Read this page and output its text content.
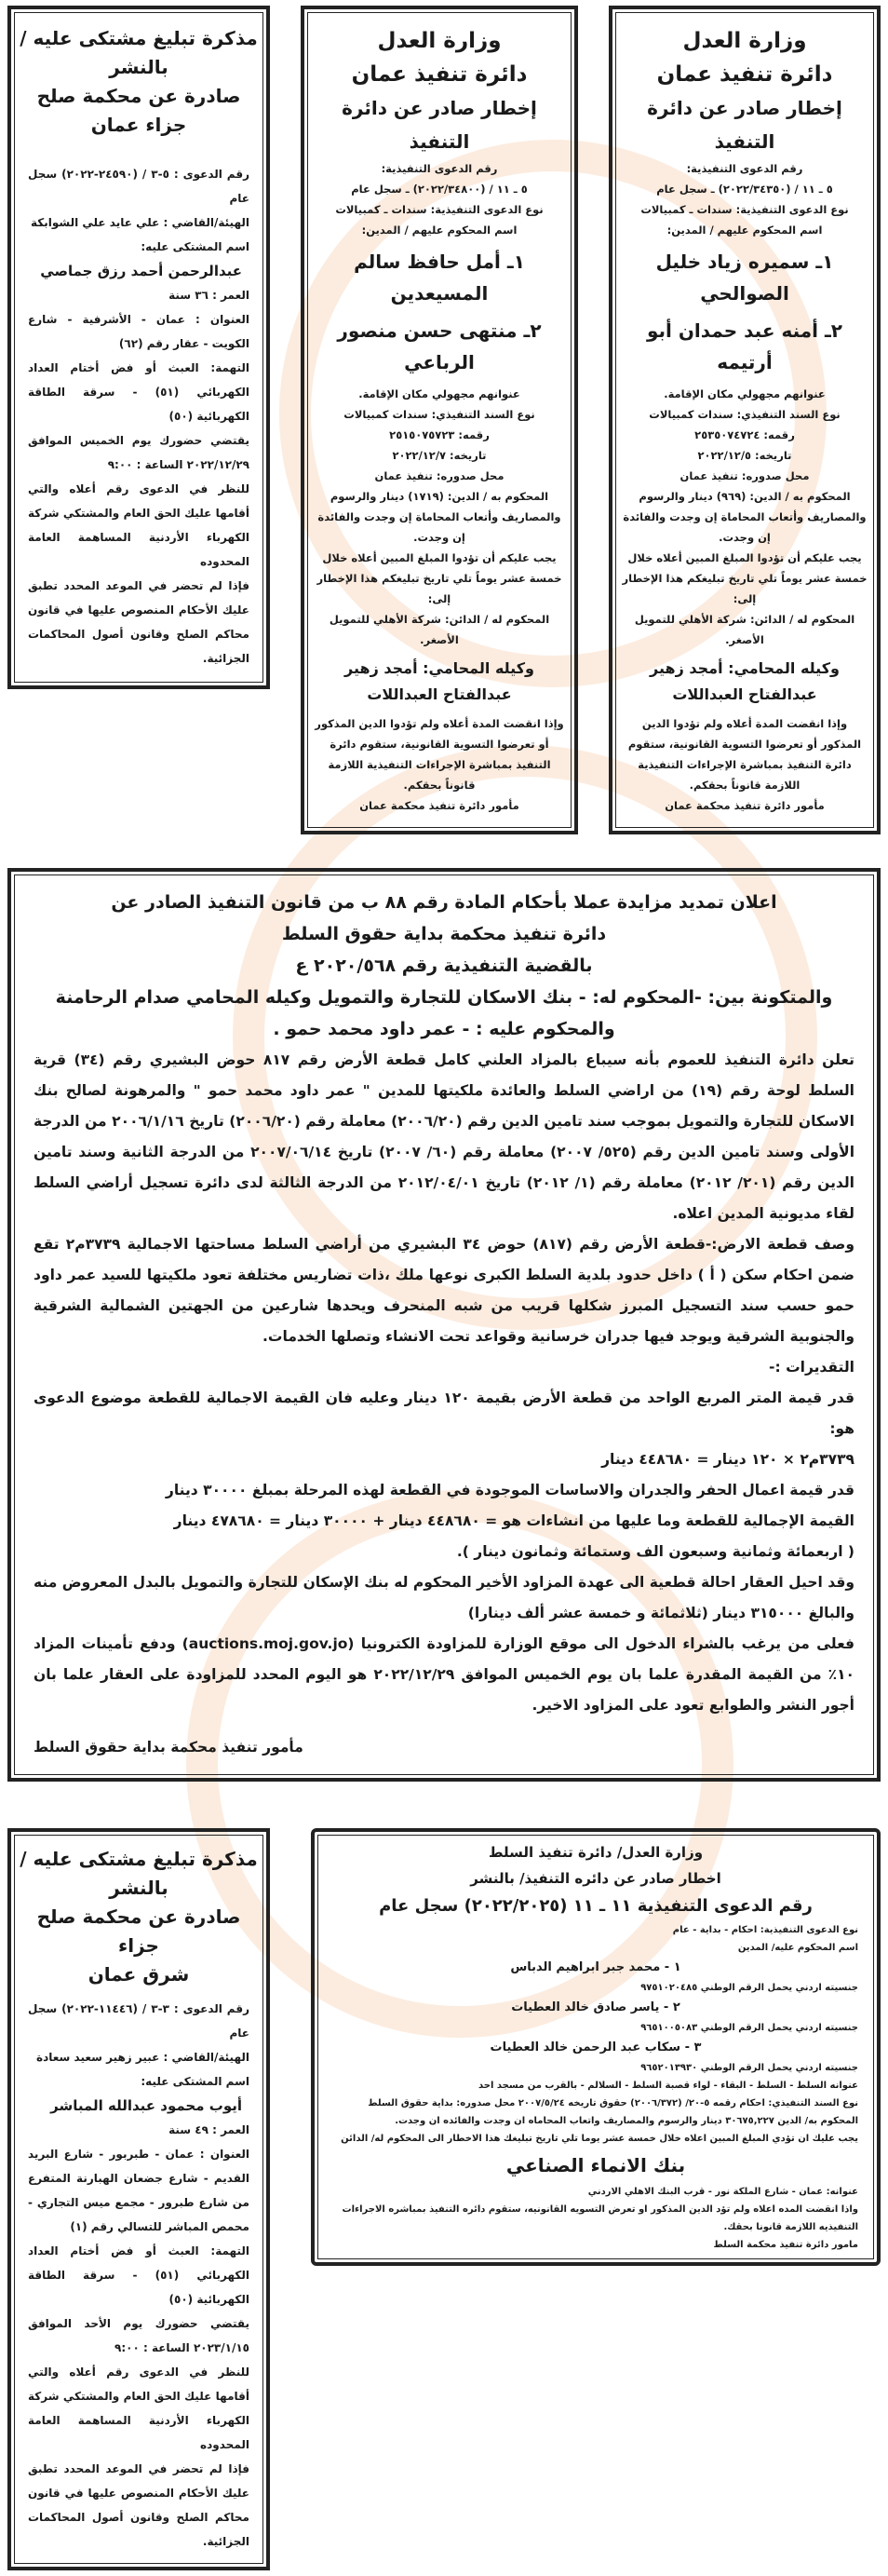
وزارة العدل
دائرة تنفيذ عمان
إخطار صادر عن دائرة التنفيذ
رقم الدعوى التنفيذية:
٥ ـ ١١ / (٢٠٢٢/٣٤٣٥٠) ـ سجل عام
نوع الدعوى التنفيذية: سندات ـ كمبيالات
اسم المحكوم عليهم / المدين:
١ـ سميره زياد خليل الصوالحي
٢ـ أمنه عبد حمدان أبو أرتيمه
عنوانهم مجهولي مكان الإقامة.
نوع السند التنفيذي: سندات كمبيالات
رقمه: ٢٥٣٥٠٧٤٧٢٤
تاريخه: ٢٠٢٢/١٢/٥
محل صدوره: تنفيذ عمان
المحكوم به / الدين: (٩٦٩) دينار والرسوم والمصاريف وأتعاب المحاماة إن وجدت والفائدة إن وجدت.
يجب عليكم أن تؤدوا المبلغ المبين أعلاه خلال خمسة عشر يوماً تلي تاريخ تبليغكم هذا الإخطار إلى:
المحكوم له / الدائن: شركة الأهلي للتمويل الأصغر.
وكيله المحامي: أمجد زهير عبدالفتاح العبداللات
وإذا انقضت المدة أعلاه ولم تؤدوا الدين المذكور أو تعرضوا التسوية القانونية، ستقوم دائرة التنفيذ بمباشرة الإجراءات التنفيذية اللازمة قانوناً بحقكم.
مأمور دائرة تنفيذ محكمة عمان
وزارة العدل
دائرة تنفيذ عمان
إخطار صادر عن دائرة التنفيذ
رقم الدعوى التنفيذية:
٥ ـ ١١ / (٢٠٢٢/٣٤٨٠٠) ـ سجل عام
نوع الدعوى التنفيذية: سندات ـ كمبيالات
اسم المحكوم عليهم / المدين:
١ـ أمل حافظ سالم المسيعدين
٢ـ منتهى حسن منصور الرباعي
عنوانهم مجهولي مكان الإقامة.
نوع السند التنفيذي: سندات كمبيالات
رقمه: ٢٥١٥٠٧٥٧٢٣
تاريخه: ٢٠٢٢/١٢/٧
محل صدوره: تنفيذ عمان
المحكوم به / الدين: (١٧١٩) دينار والرسوم والمصاريف وأتعاب المحاماة إن وجدت والفائدة إن وجدت.
يجب عليكم أن تؤدوا المبلغ المبين أعلاه خلال خمسة عشر يوماً تلي تاريخ تبليغكم هذا الإخطار إلى:
المحكوم له / الدائن: شركة الأهلي للتمويل الأصغر.
وكيله المحامي: أمجد زهير عبدالفتاح العبداللات
وإذا انقضت المدة أعلاه ولم تؤدوا الدين المذكور أو تعرضوا التسوية القانونية، ستقوم دائرة التنفيذ بمباشرة الإجراءات التنفيذية اللازمة قانوناً بحقكم.
مأمور دائرة تنفيذ محكمة عمان
مذكرة تبليغ مشتكى عليه /
بالنشر
صادرة عن محكمة صلح
جزاء عمان
رقم الدعوى : ٥-٣ / (٢٤٥٩٠-٢٠٢٢) سجل عام
الهيئة/القاضي : علي عايد علي الشوابكة
اسم المشتكى عليه:
عبدالرحمن أحمد رزق جماصي
العمر : ٣٦ سنة
العنوان : عمان - الأشرفية - شارع الكويت - عقار رقم (٦٢)
التهمة: العبث أو فض أختام العداد الكهربائي (٥١) - سرقة الطاقة الكهربائية (٥٠)
يقتضي حضورك يوم الخميس الموافق ٢٠٢٢/١٢/٢٩ الساعة : ٩:٠٠
للنظر في الدعوى رقم أعلاه والتي أقامها عليك الحق العام والمشتكي شركة الكهرباء الأردنية المساهمة العامة المحدوده
فإذا لم تحضر في الموعد المحدد تطبق عليك الأحكام المنصوص عليها في قانون محاكم الصلح وقانون أصول المحاكمات الجزائية.
اعلان تمديد مزايدة عملا بأحكام المادة رقم ٨٨ ب من قانون التنفيذ الصادر عن
دائرة تنفيذ محكمة بداية حقوق السلط
بالقضية التنفيذية رقم ٢٠٢٠/٥٦٨ ع
والمتكونة بين: -المحكوم له: - بنك الاسكان للتجارة والتمويل وكيله المحامي صدام الرحامنة
والمحكوم عليه : - عمر داود محمد حمو .

تعلن دائرة التنفيذ للعموم بأنه سيباع بالمزاد العلني كامل قطعة الأرض رقم ٨١٧ حوض البشيري رقم (٣٤) قرية السلط لوحة رقم (١٩) من اراضي السلط والعائدة ملكيتها للمدين " عمر داود محمد حمو " والمرهونة لصالح بنك الاسكان للتجارة والتمويل بموجب سند تامين الدين رقم (٢٠٠٦/٢٠) معاملة رقم (٢٠٠٦/٢٠) تاريخ ٢٠٠٦/١/١٦ من الدرجة الأولى وسند تامين الدين رقم (٥٢٥/ ٢٠٠٧) معاملة رقم (٦٠/ ٢٠٠٧) تاريخ ٢٠٠٧/٠٦/١٤ من الدرجة الثانية وسند تامين الدين رقم (٢٠١/ ٢٠١٢) معاملة رقم (١/ ٢٠١٢) تاريخ ٢٠١٢/٠٤/٠١ من الدرجة الثالثة لدى دائرة تسجيل أراضي السلط لقاء مديونية المدين اعلاه.

وصف قطعة الارض:-قطعة الأرض رقم (٨١٧) حوض ٣٤ البشيري من أراضي السلط مساحتها الاجمالية ٣٧٣٩م٢ تقع ضمن احكام سكن ( أ ) داخل حدود بلدية السلط الكبرى نوعها ملك ،ذات تضاريس مختلفة تعود ملكيتها للسيد عمر داود حمو حسب سند التسجيل المبرز شكلها قريب من شبه المنحرف ويحدها شارعين من الجهتين الشمالية الشرقية والجنوبية الشرقية ويوجد فيها جدران خرسانية وقواعد تحت الانشاء وتصلها الخدمات.

التقديرات :-

قدر قيمة المتر المربع الواحد من قطعة الأرض بقيمة ١٢٠ دينار وعليه فان القيمة الاجمالية للقطعة موضوع الدعوى هو:

٣٧٣٩م٢ × ١٢٠ دينار = ٤٤٨٦٨٠ دينار

قدر قيمة اعمال الحفر والجدران والاساسات الموجودة في القطعة لهذه المرحلة بمبلغ ٣٠٠٠٠ دينار

القيمة الإجمالية للقطعة وما عليها من انشاءات هو = ٤٤٨٦٨٠ دينار + ٣٠٠٠٠ دينار = ٤٧٨٦٨٠ دينار

( اربعمائة وثمانية وسبعون الف وستمائة وثمانون دينار ).

وقد احيل العقار احالة قطعية الى عهدة المزاود الأخير المحكوم له بنك الإسكان للتجارة والتمويل بالبدل المعروض منه والبالغ ٣١٥٠٠٠ دينار (ثلاثمائة و خمسة عشر ألف دينارا)

فعلى من يرغب بالشراء الدخول الى موقع الوزارة للمزاودة الكترونيا (auctions.moj.gov.jo) ودفع تأمينات المزاد ١٠٪ من القيمة المقدرة علما بان يوم الخميس الموافق ٢٠٢٢/١٢/٢٩ هو اليوم المحدد للمزاودة على العقار علما بان أجور النشر والطوابع تعود على المزاود الاخير.

مأمور تنفيذ محكمة بداية حقوق السلط

وزارة العدل/ دائرة تنفيذ السلط
اخطار صادر عن دائره التنفيذ/ بالنشر
رقم الدعوى التنفيذية ١١ ـ ١١ (٢٠٢٢/٢٠٢٥) سجل عام
نوع الدعوى التنفيذية: احكام - بداية - عام
اسم المحكوم عليه/ المدين
١ - محمد جبر ابراهيم الدباس
جنسيته اردني يحمل الرقم الوطني ٩٧٥١٠٢٠٤٨٥
٢ - ياسر صادق خالد العطيات
جنسيته اردني يحمل الرقم الوطني ٩٦٥١٠٠٥٠٨٣
٣ - سكاب عبد الرحمن خالد العطيات
جنسيته اردني يحمل الرقم الوطني ٩٦٥٢٠١٣٩٣٠
عنوانه السلط - السلط - البقاء - لواء قصبة السلط - السلالم - بالقرب من مسجد احد
نوع السند التنفيذي: احكام رقمه ٥-٢٠/ (٢٠٠٦/٣٧٢) حقوق تاريخه ٢٠٠٧/٥/٢٤ محل صدوره: بداية حقوق السلط
المحكوم به/ الدين ٣٠٦٧٥,٢٢٧ دينار والرسوم والمصاريف واتعاب المحاماه ان وجدت والفائده ان وجدت.
يجب عليك ان تؤدي المبلغ المبين اعلاه خلال خمسة عشر يوما تلي تاريخ تبليغك هذا الاخطار الى المحكوم له/ الدائن
بنك الانماء الصناعي
عنوانه: عمان - شارع الملكة نور - قرب البنك الاهلي الاردني
واذا انقضت المده اعلاه ولم تؤد الدين المذكور او تعرض التسويه القانونيه، ستقوم دائره التنفيذ بمباشره الاجراءات التنفيذيه اللازمة قانونا بحقك.
مامور دائرة تنفيذ محكمة السلط
مذكرة تبليغ مشتكى عليه /
بالنشر
صادرة عن محكمة صلح جزاء
شرق عمان
رقم الدعوى : ٣-٣ / (١١٤٤٦-٢٠٢٢) سجل عام
الهيئة/القاضي : عبير زهير سعيد سعادة
اسم المشتكى عليه:
أيوب محمود عبدالله المباشر
العمر : ٤٩ سنة
العنوان : عمان - طبربور - شارع البريد القديم - شارع جضعان الهبارنة المتفرع من شارع طبرور - مجمع ميس التجاري - محمص المباشر للتسالي رقم (١)
التهمة: العبث أو فض أختام العداد الكهربائي (٥١) - سرقة الطاقة الكهربائية (٥٠)
يقتضي حضورك يوم الأحد الموافق ٢٠٢٣/١/١٥ الساعة : ٩:٠٠
للنظر في الدعوى رقم أعلاه والتي أقامها عليك الحق العام والمشتكي شركة الكهرباء الأردنية المساهمة العامة المحدوده
فإذا لم تحضر في الموعد المحدد تطبق عليك الأحكام المنصوص عليها في قانون محاكم الصلح وقانون أصول المحاكمات الجزائية.
